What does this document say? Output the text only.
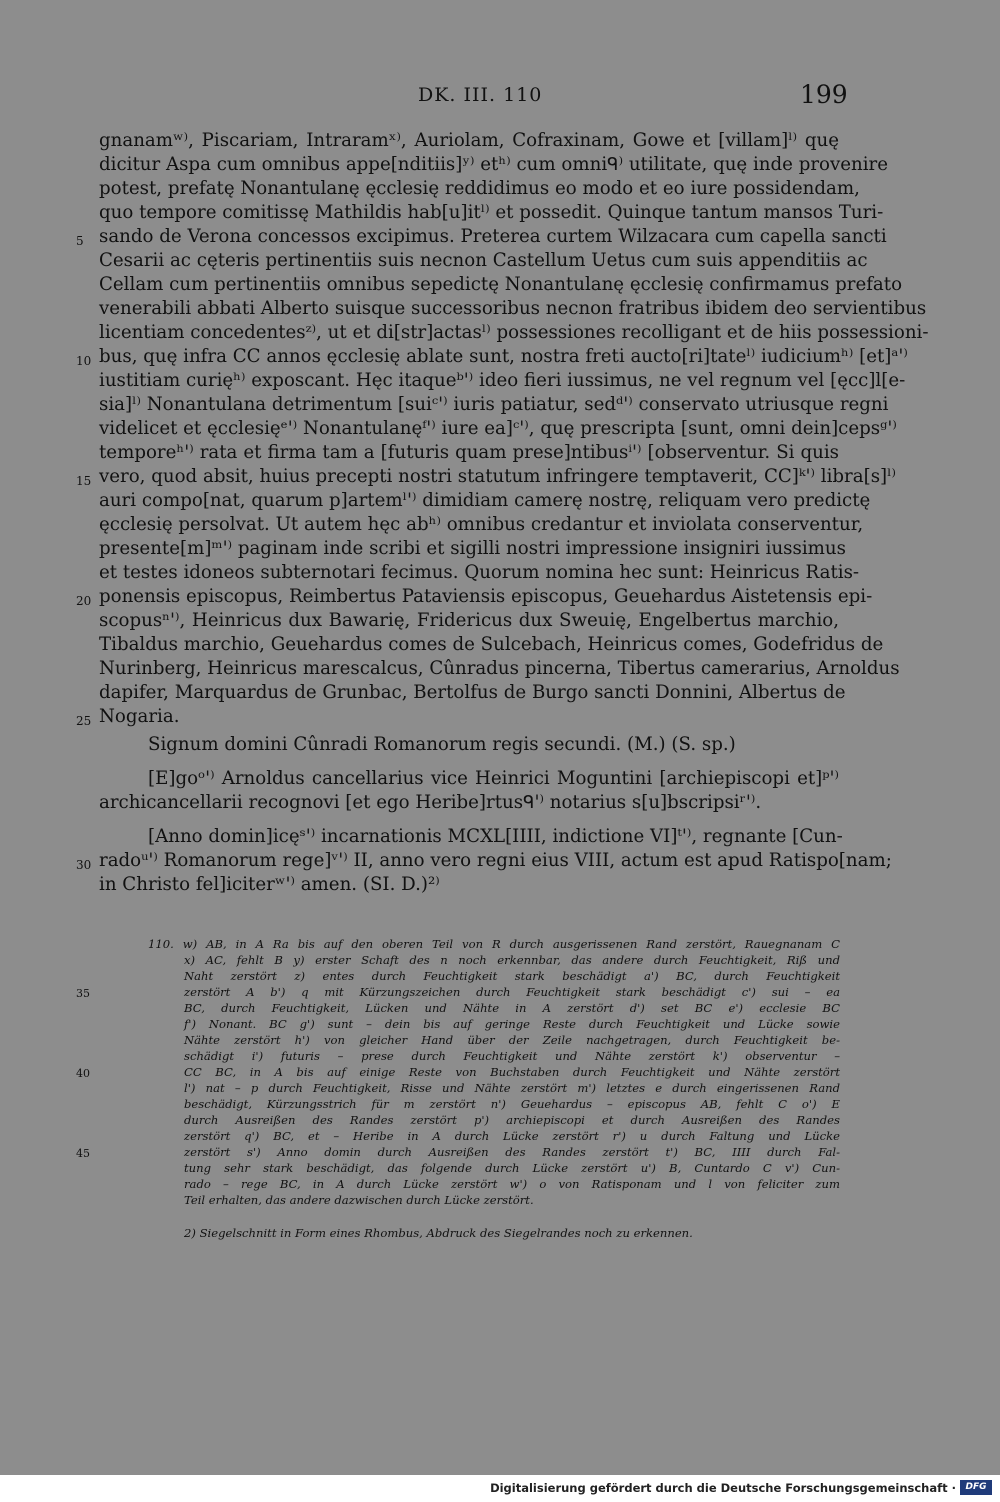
DK. III. 110	199
gnanamʷ⁾, Piscariam, Intraramˣ⁾, Auriolam, Cofraxinam, Gowe et [villam]ˡ⁾ quę
dicitur Aspa cum omnibus appe[nditiis]ʸ⁾ etʰ⁾ cum omniᑫ⁾ utilitate, quę inde provenire
potest, prefatę Nonantulanę ęcclesię reddidimus eo modo et eo iure possidendam,
quo tempore comitissę Mathildis hab[u]itˡ⁾ et possedit. Quinque tantum mansos Turi-
sando de Verona concessos excipimus. Preterea curtem Wilzacara cum capella sancti
Cesarii ac cęteris pertinentiis suis necnon Castellum Uetus cum suis appenditiis ac
Cellam cum pertinentiis omnibus sepedictę Nonantulanę ęcclesię confirmamus prefato
venerabili abbati Alberto suisque successoribus necnon fratribus ibidem deo servientibus
licentiam concedentesᶻ⁾, ut et di[str]actasˡ⁾ possessiones recolligant et de hiis possessioni-
bus, quę infra CC annos ęcclesię ablate sunt, nostra freti aucto[ri]tateˡ⁾ iudiciumʰ⁾ [et]ᵃ'⁾
iustitiam curięʰ⁾ exposcant. Hęc itaqueᵇ'⁾ ideo fieri iussimus, ne vel regnum vel [ęcc]l[e-
sia]ˡ⁾ Nonantulana detrimentum [suiᶜ'⁾ iuris patiatur, sedᵈ'⁾ conservato utriusque regni
videlicet et ęcclesięᵉ'⁾ Nonantulanęᶠ'⁾ iure ea]ᶜ'⁾, quę prescripta [sunt, omni dein]cepsᵍ'⁾
temporeʰ'⁾ rata et firma tam a [futuris quam prese]ntibusⁱ'⁾ [observentur. Si quis
vero, quod absit, huius precepti nostri statutum infringere temptaverit, CC]ᵏ'⁾ libra[s]ˡ⁾
auri compo[nat, quarum p]artemˡ'⁾ dimidiam camerę nostrę, reliquam vero predictę
ęcclesię persolvat. Ut autem hęc abʰ⁾ omnibus credantur et inviolata conserventur,
presente[m]ᵐ'⁾ paginam inde scribi et sigilli nostri impressione insigniri iussimus
et testes idoneos subternotari fecimus. Quorum nomina hec sunt: Heinricus Ratis-
ponensis episcopus, Reimbertus Pataviensis episcopus, Geuehardus Aistetensis epi-
scopusⁿ'⁾, Heinricus dux Bawarię, Fridericus dux Sweuię, Engelbertus marchio,
Tibaldus marchio, Geuehardus comes de Sulcebach, Heinricus comes, Godefridus de
Nurinberg, Heinricus marescalcus, Cûnradus pincerna, Tibertus camerarius, Arnoldus
dapifer, Marquardus de Grunbac, Bertolfus de Burgo sancti Donnini, Albertus de
Nogaria.
Signum domini Cûnradi Romanorum regis secundi. (M.) (S. sp.)
[E]goᵒ'⁾ Arnoldus cancellarius vice Heinrici Moguntini [archiepiscopi et]ᵖ'⁾
archicancellarii recognovi [et ego Heribe]rtusᑫ'⁾ notarius s[u]bscripsiʳ'⁾.
[Anno domin]icęˢ'⁾ incarnationis MCXL[IIII, indictione VI]ᵗ'⁾, regnante [Cun-
radoᵘ'⁾ Romanorum rege]ᵛ'⁾ II, anno vero regni eius VIII, actum est apud Ratispo[nam;
in Christo fel]iciterʷ'⁾ amen. (SI. D.)²⁾
5
10
15
20
25
30
110. w) AB, in A Ra bis auf den oberen Teil von R durch ausgerissenen Rand zerstört, Rauegnanam C
x) AC, fehlt B y) erster Schaft des n noch erkennbar, das andere durch Feuchtigkeit, Riß und
Naht zerstört z) entes durch Feuchtigkeit stark beschädigt a') BC, durch Feuchtigkeit
zerstört A b') q mit Kürzungszeichen durch Feuchtigkeit stark beschädigt c') sui – ea
BC, durch Feuchtigkeit, Lücken und Nähte in A zerstört d') set BC e') ecclesie BC
f') Nonant. BC g') sunt – dein bis auf geringe Reste durch Feuchtigkeit und Lücke sowie
Nähte zerstört h') von gleicher Hand über der Zeile nachgetragen, durch Feuchtigkeit be-
schädigt i') futuris – prese durch Feuchtigkeit und Nähte zerstört k') observentur –
CC BC, in A bis auf einige Reste von Buchstaben durch Feuchtigkeit und Nähte zerstört
l') nat – p durch Feuchtigkeit, Risse und Nähte zerstört m') letztes e durch eingerissenen Rand
beschädigt, Kürzungsstrich für m zerstört n') Geuehardus – episcopus AB, fehlt C o') E
durch Ausreißen des Randes zerstört p') archiepiscopi et durch Ausreißen des Randes
zerstört q') BC, et – Heribe in A durch Lücke zerstört r') u durch Faltung und Lücke
zerstört s') Anno domin durch Ausreißen des Randes zerstört t') BC, IIII durch Fal-
tung sehr stark beschädigt, das folgende durch Lücke zerstört u') B, Cuntardo C v') Cun-
rado – rege BC, in A durch Lücke zerstört w') o von Ratisponam und l von feliciter zum
Teil erhalten, das andere dazwischen durch Lücke zerstört.
2) Siegelschnitt in Form eines Rhombus, Abdruck des Siegelrandes noch zu erkennen.
35
40
45
Digitalisierung gefördert durch die Deutsche Forschungsgemeinschaft ·	DFG
